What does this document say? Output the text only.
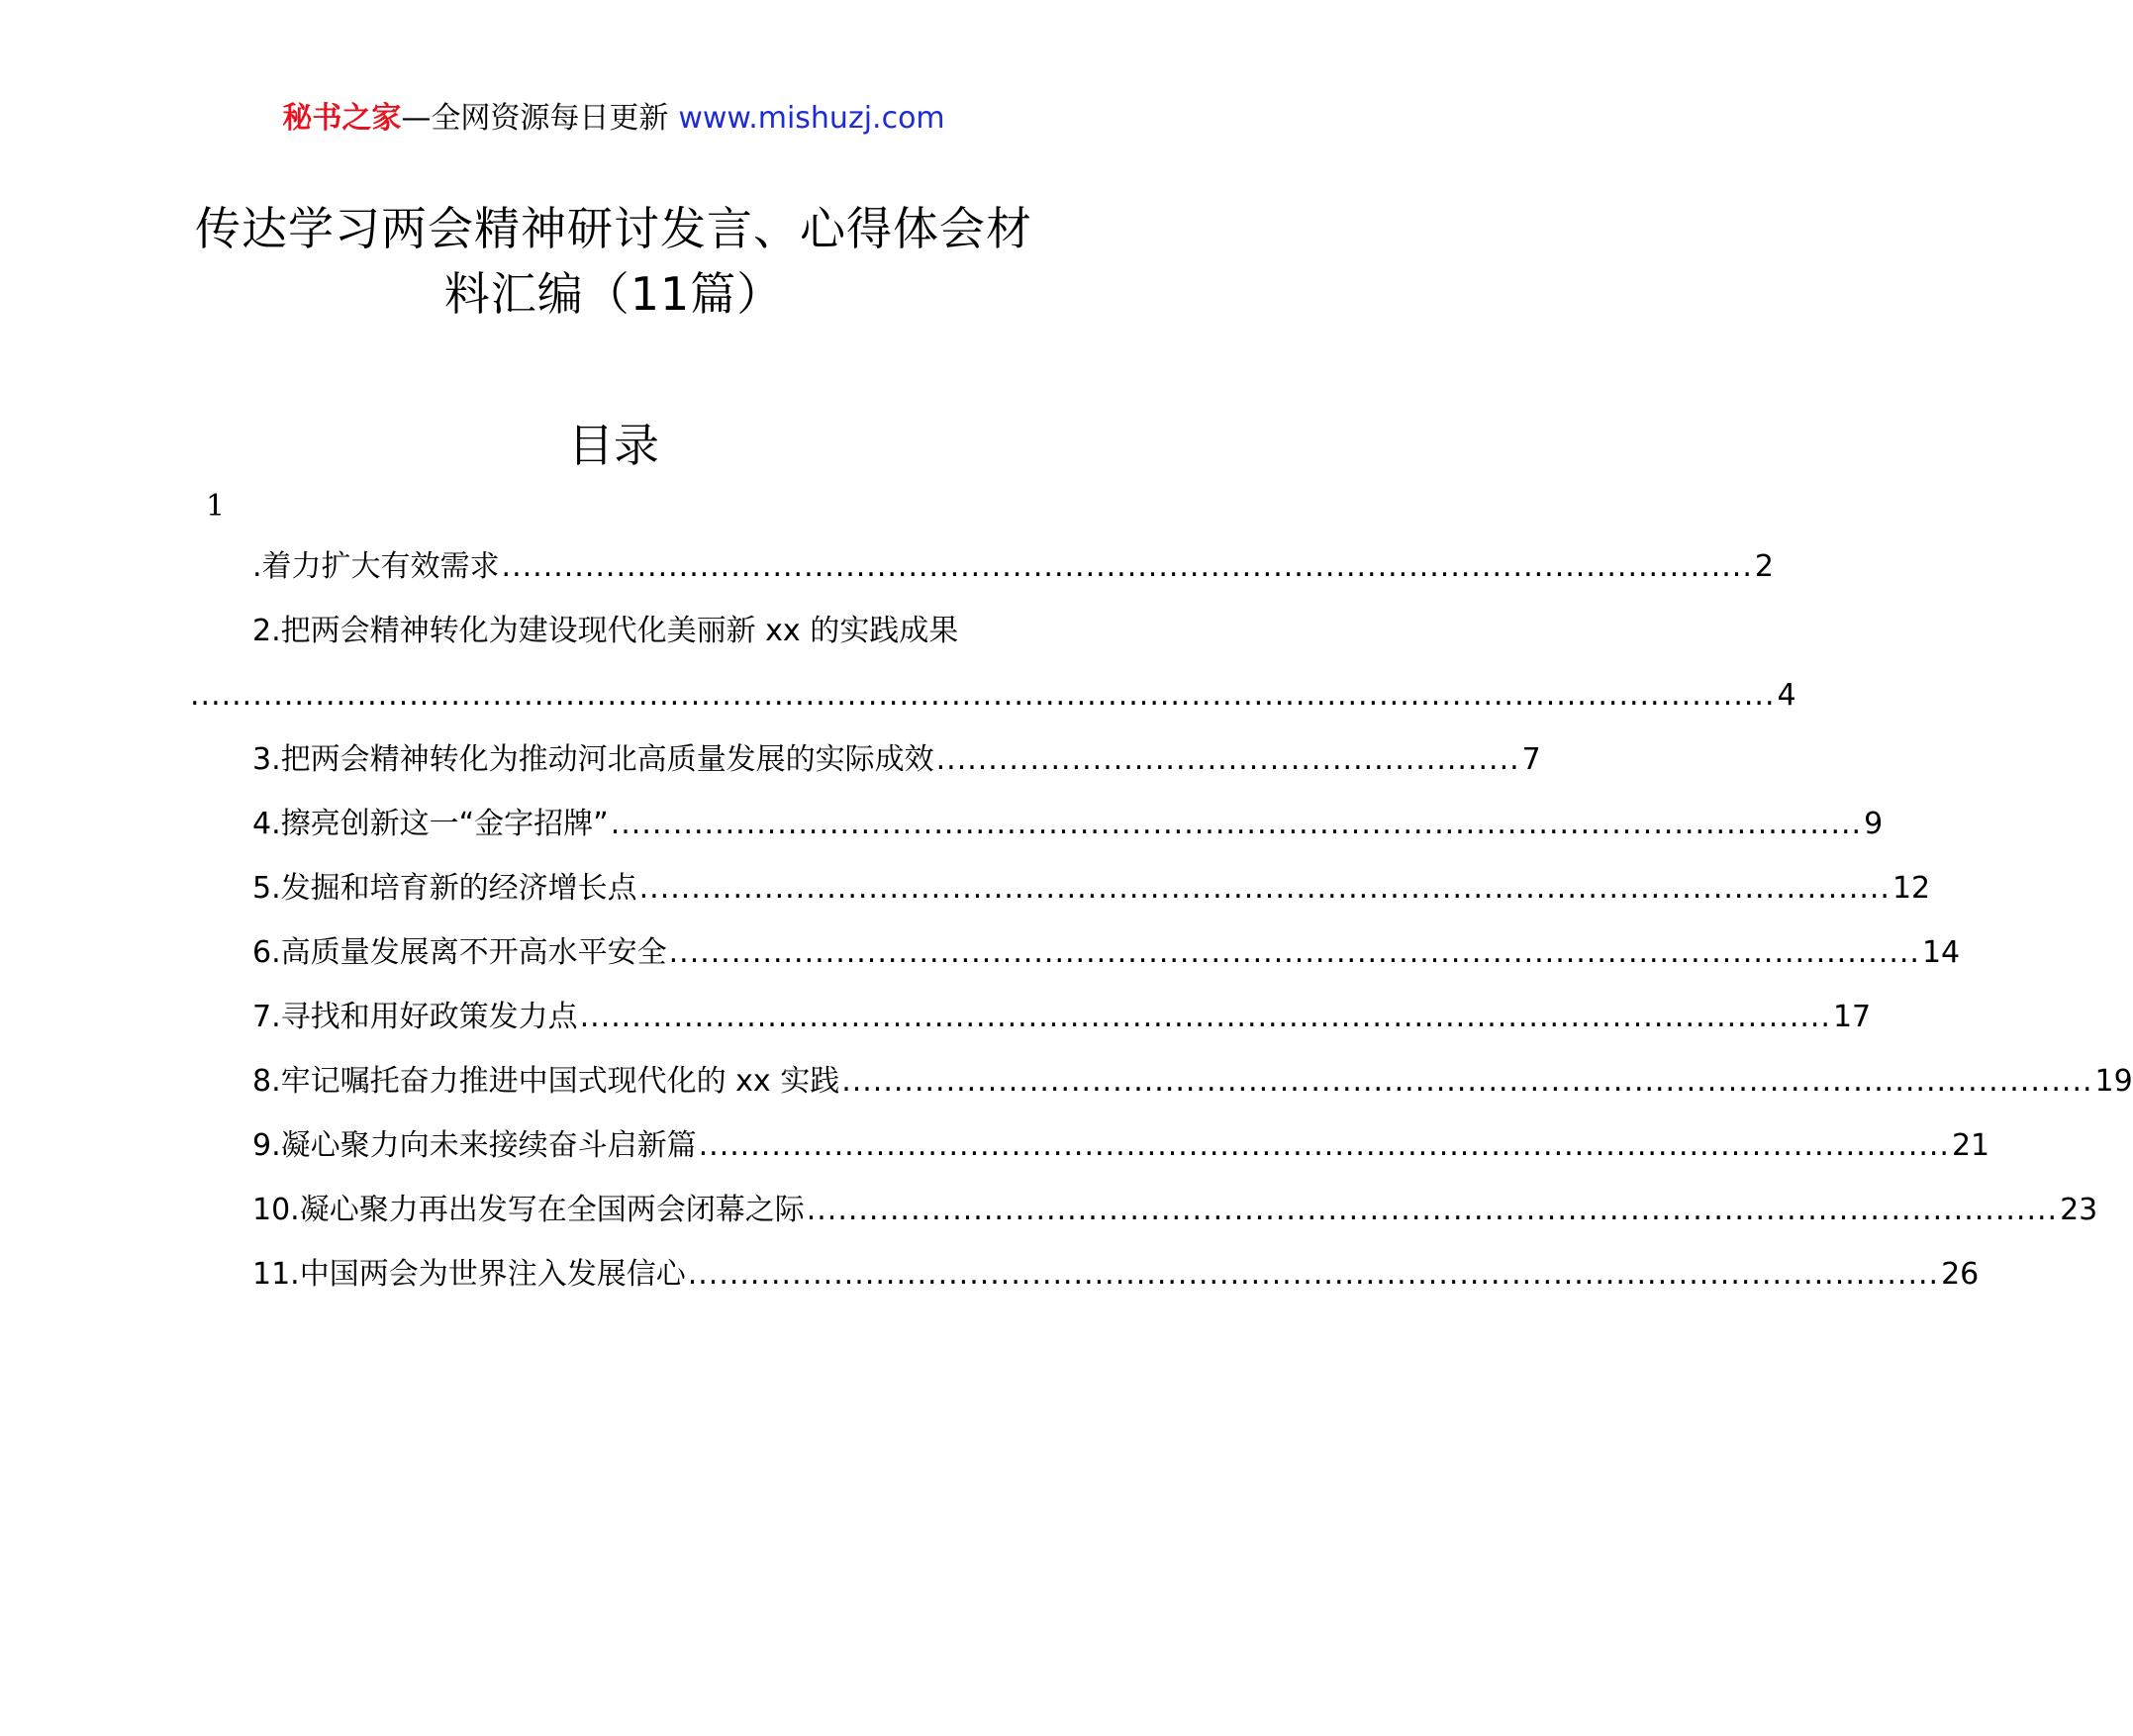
秘书之家—全网资源每日更新 www.mishuzj.com
传达学习两会精神研讨发言、心得体会材料汇编（11篇）
目录
1
.着力扩大有效需求 ........................................................................................................................ 2
2.把两会精神转化为建设现代化美丽新 xx 的实践成果
........................................................................................................................................................ 4
3.把两会精神转化为推动河北高质量发展的实际成效 ........................................................ 7
4.擦亮创新这一“金字招牌” ........................................................................................................................ 9
5.发掘和培育新的经济增长点 ........................................................................................................................ 12
6.高质量发展离不开高水平安全 ........................................................................................................................ 14
7.寻找和用好政策发力点 ........................................................................................................................ 17
8.牢记嘱托奋力推进中国式现代化的 xx 实践 ........................................................................................................................ 19
9.凝心聚力向未来接续奋斗启新篇 ........................................................................................................................ 21
10.凝心聚力再出发写在全国两会闭幕之际 ........................................................................................................................ 23
11.中国两会为世界注入发展信心 ........................................................................................................................ 26
